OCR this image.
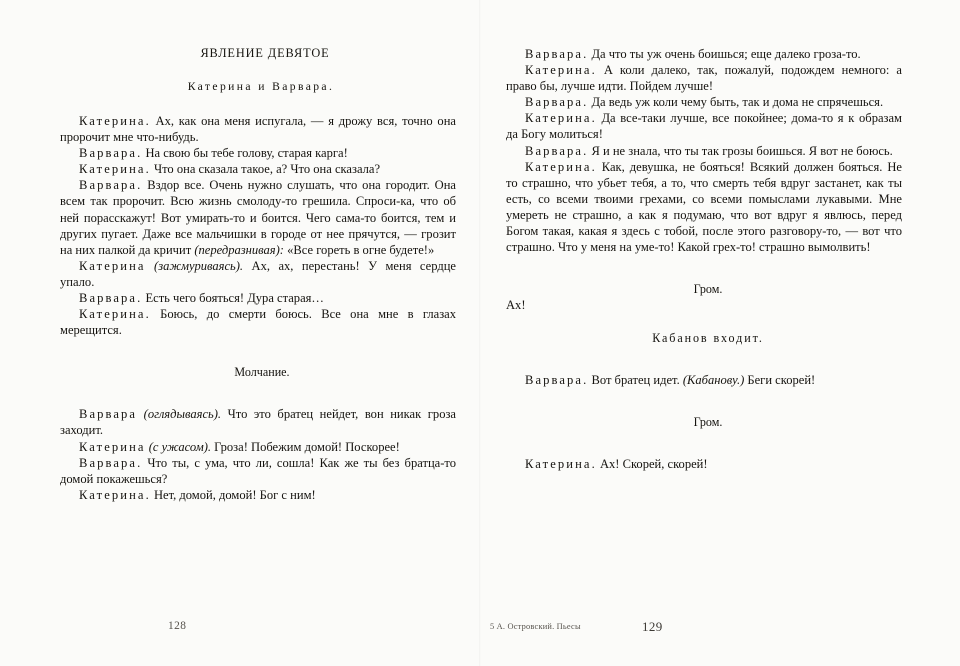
ЯВЛЕНИЕ ДЕВЯТОЕ
Катерина и Варвара.

Катерина. Ах, как она меня испугала, — я дрожу вся, точно она пророчит мне что-нибудь.

Варвара. На свою бы тебе голову, старая карга!

Катерина. Что она сказала такое, а? Что она сказала?

Варвара. Вздор все. Очень нужно слушать, что она городит. Она всем так пророчит. Всю жизнь смолоду-то грешила. Спроси-ка, что об ней порасскажут! Вот умирать-то и боится. Чего сама-то боится, тем и других пугает. Даже все мальчишки в городе от нее прячутся, — грозит на них палкой да кричит (передразнивая): «Все гореть в огне будете!»

Катерина (зажмуриваясь). Ах, ах, перестань! У меня сердце упало.

Варвара. Есть чего бояться! Дура старая…

Катерина. Боюсь, до смерти боюсь. Все она мне в глазах мерещится.

Молчание.

Варвара (оглядываясь). Что это братец нейдет, вон никак гроза заходит.

Катерина (с ужасом). Гроза! Побежим домой! Поскорее!

Варвара. Что ты, с ума, что ли, сошла! Как же ты без братца-то домой покажешься?

Катерина. Нет, домой, домой! Бог с ним!

128

Варвара. Да что ты уж очень боишься; еще далеко гроза-то.

Катерина. А коли далеко, так, пожалуй, подождем немного: а право бы, лучше идти. Пойдем лучше!

Варвара. Да ведь уж коли чему быть, так и дома не спрячешься.

Катерина. Да все-таки лучше, все покойнее; дома-то я к образам да Богу молиться!

Варвара. Я и не знала, что ты так грозы боишься. Я вот не боюсь.

Катерина. Как, девушка, не бояться! Всякий должен бояться. Не то страшно, что убьет тебя, а то, что смерть тебя вдруг застанет, как ты есть, со всеми твоими грехами, со всеми помыслами лукавыми. Мне умереть не страшно, а как я подумаю, что вот вдруг я явлюсь, перед Богом такая, какая я здесь с тобой, после этого разговору-то, — вот что страшно. Что у меня на уме-то! Какой грех-то! страшно вымолвить!

Гром.

Ах!

Кабанов входит.

Варвара. Вот братец идет. (Кабанову.) Беги скорей!

Гром.

Катерина. Ах! Скорей, скорей!

5 А. Островский. Пьесы	129
